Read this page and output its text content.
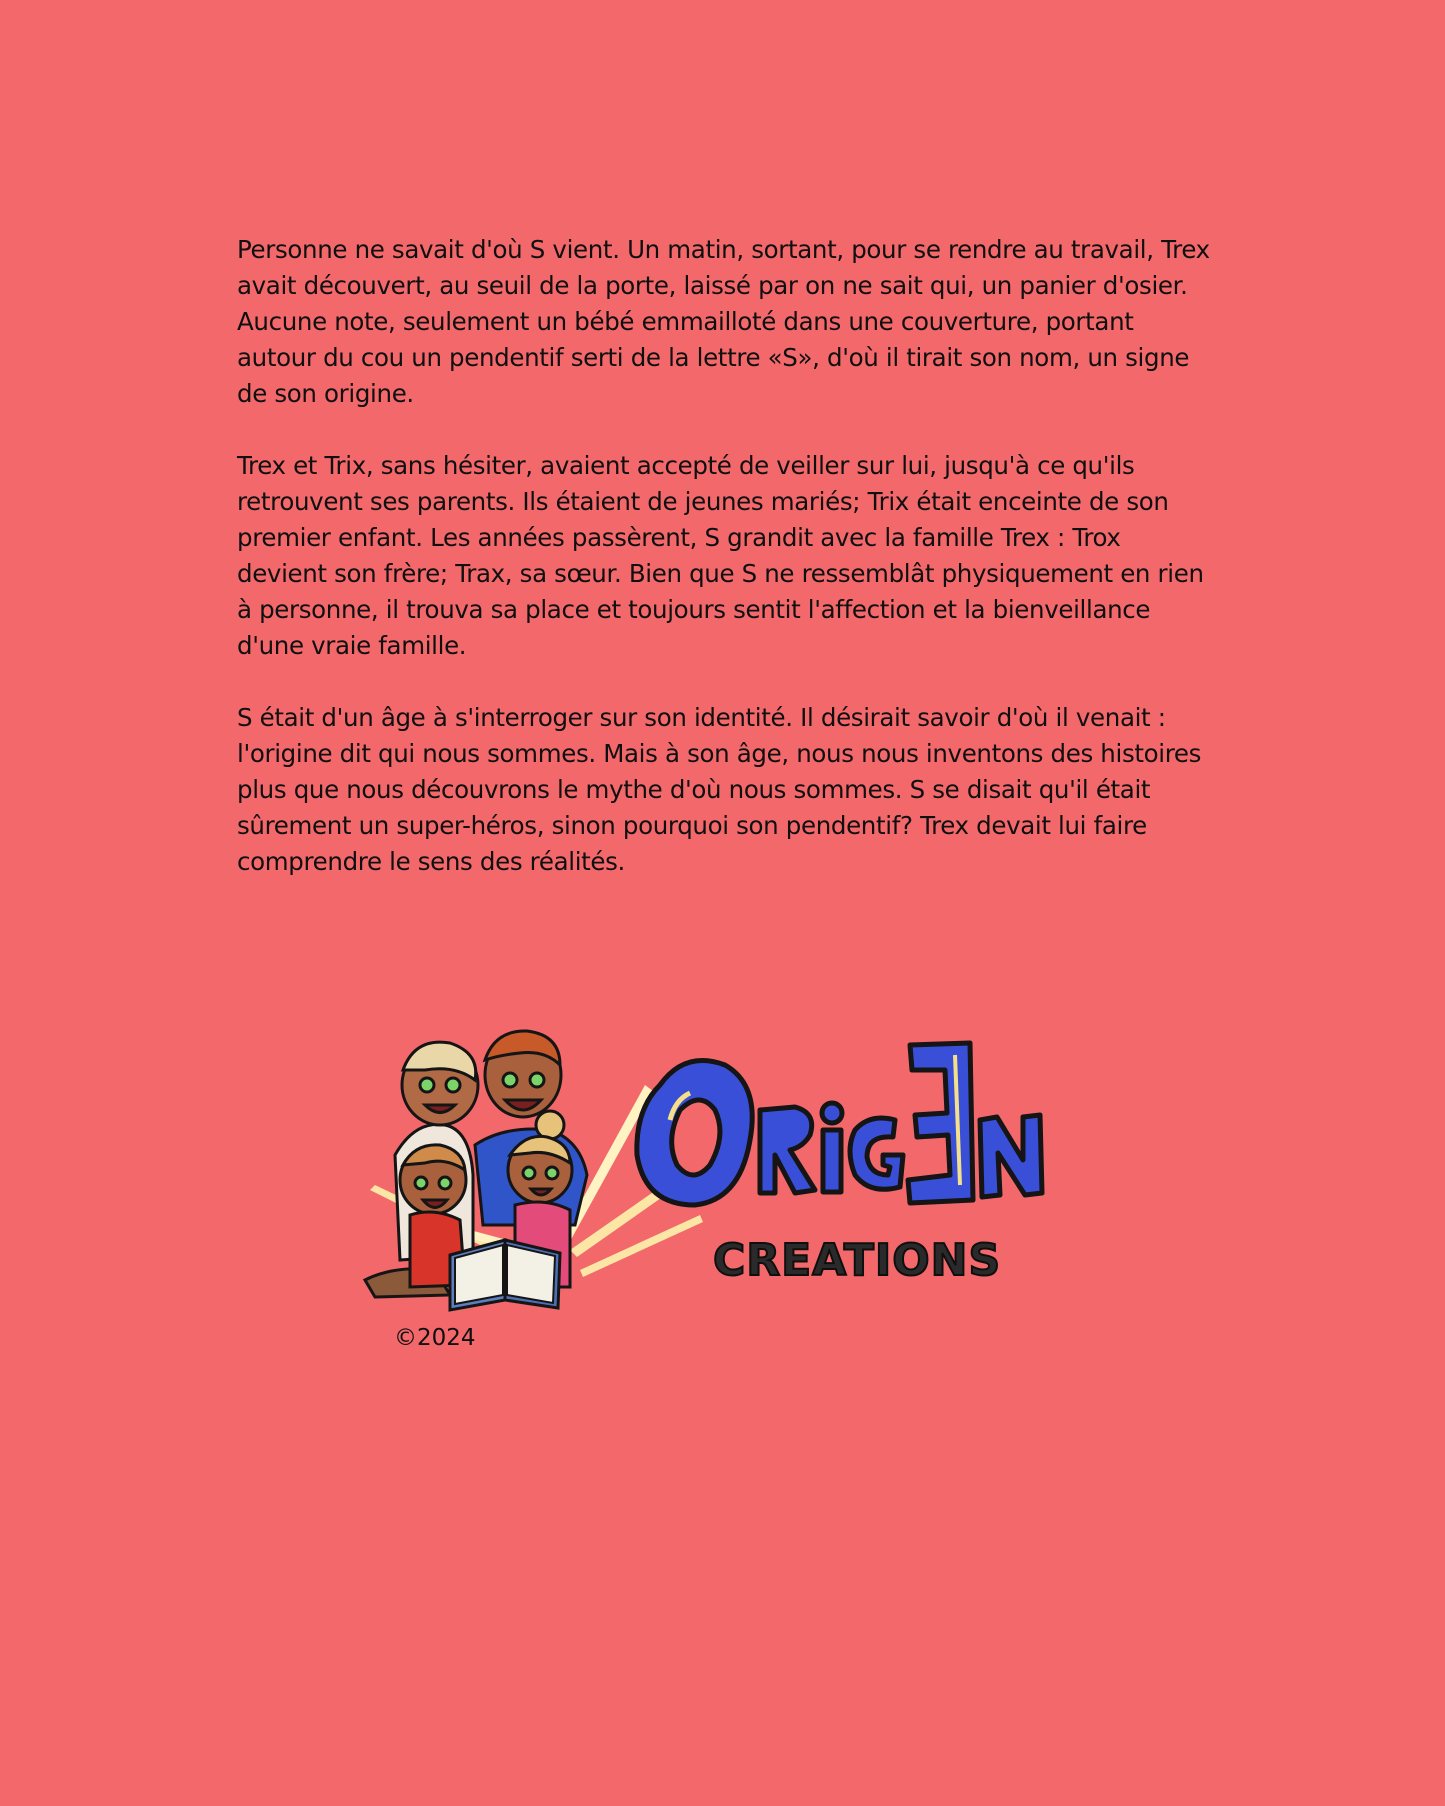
Personne ne savait d'où S vient. Un matin, sortant, pour se rendre au travail, Trex avait découvert, au seuil de la porte, laissé par on ne sait qui, un panier d'osier. Aucune note, seulement un bébé emmailloté dans une couverture, portant autour du cou un pendentif serti de la lettre «S», d'où il tirait son nom, un signe de son origine.

Trex et Trix, sans hésiter, avaient accepté de veiller sur lui, jusqu'à ce qu'ils retrouvent ses parents. Ils étaient de jeunes mariés; Trix était enceinte de son premier enfant. Les années passèrent, S grandit avec la famille Trex : Trox devient son frère; Trax, sa sœur. Bien que S ne ressemblât physiquement en rien à personne, il trouva sa place et toujours sentit l'affection et la bienveillance d'une vraie famille.

S était d'un âge à s'interroger sur son identité. Il désirait savoir d'où il venait : l'origine dit qui nous sommes. Mais à son âge, nous nous inventons des histoires plus que nous découvrons le mythe d'où nous sommes. S se disait qu'il était sûrement un super-héros, sinon pourquoi son pendentif? Trex devait lui faire comprendre le sens des réalités.

CREATIONS
©2024
